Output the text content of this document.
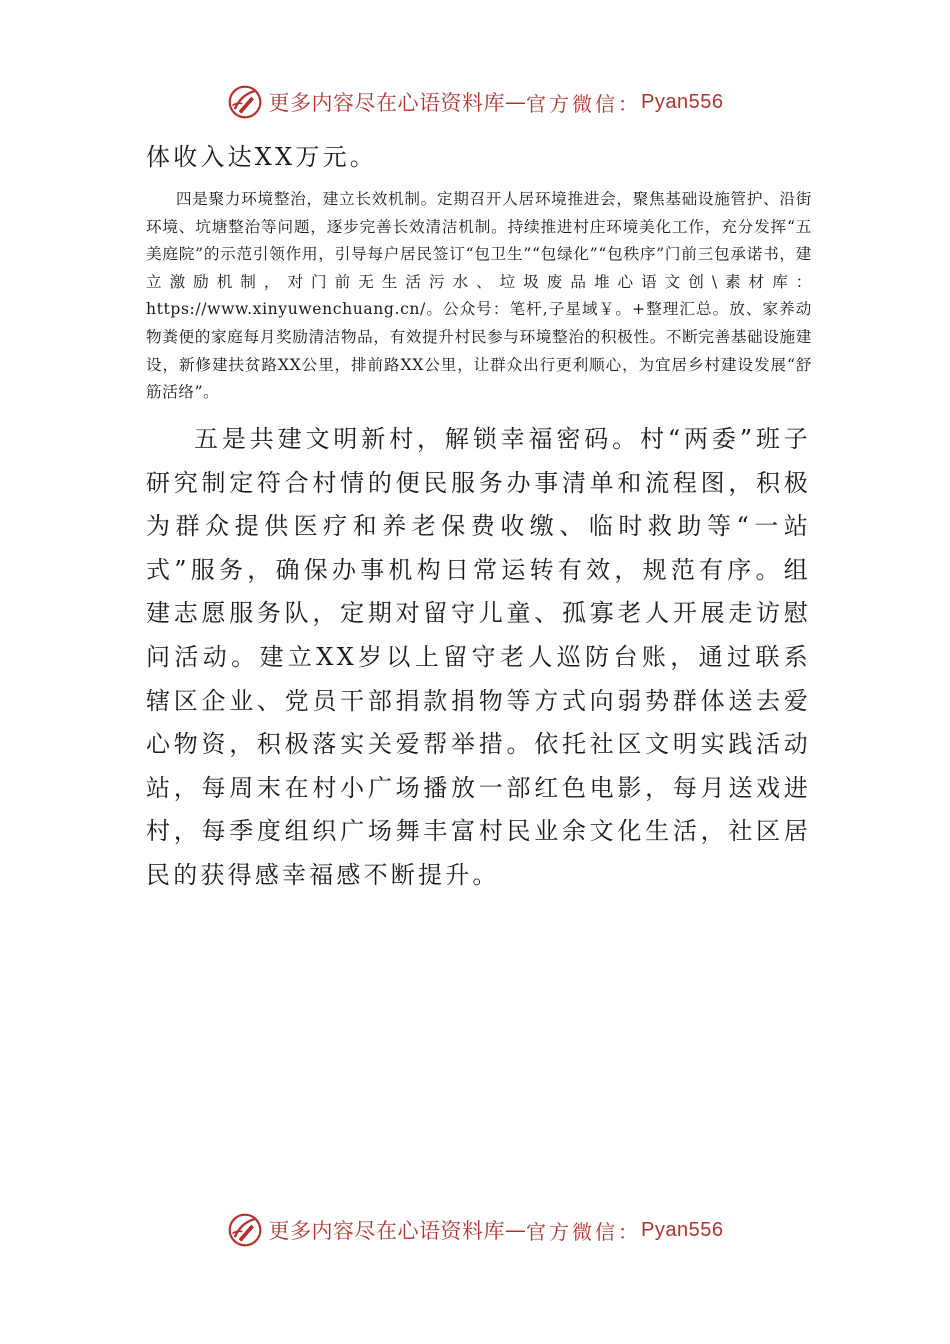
更多内容尽在心语资料库 — 官方微信： Pyan556

体收入达XX万元。

四是聚力环境整治，建立长效机制。定期召开人居环境推进会，聚焦基础设施管护、沿街环境、坑塘整治等问题，逐步完善长效清洁机制。持续推进村庄环境美化工作，充分发挥“五美庭院”的示范引领作用，引导每户居民签订“包卫生”“包绿化”“包秩序”门前三包承诺书，建立激励机制，对门前无生活污水、垃圾废品堆心语文创\素材库：https://www.xinyuwenchuang.cn/。公众号：笔杆,子星域￥。+整理汇总。放、家养动物粪便的家庭每月奖励清洁物品，有效提升村民参与环境整治的积极性。不断完善基础设施建设，新修建扶贫路XX公里，排前路XX公里，让群众出行更利顺心，为宜居乡村建设发展“舒筋活络”。

五是共建文明新村，解锁幸福密码。村“两委”班子研究制定符合村情的便民服务办事清单和流程图，积极为群众提供医疗和养老保费收缴、临时救助等“一站式”服务，确保办事机构日常运转有效，规范有序。组建志愿服务队，定期对留守儿童、孤寡老人开展走访慰问活动。建立XX岁以上留守老人巡防台账，通过联系辖区企业、党员干部捐款捐物等方式向弱势群体送去爱心物资，积极落实关爱帮举措。依托社区文明实践活动站，每周末在村小广场播放一部红色电影，每月送戏进村，每季度组织广场舞丰富村民业余文化生活，社区居民的获得感幸福感不断提升。

更多内容尽在心语资料库 — 官方微信： Pyan556
